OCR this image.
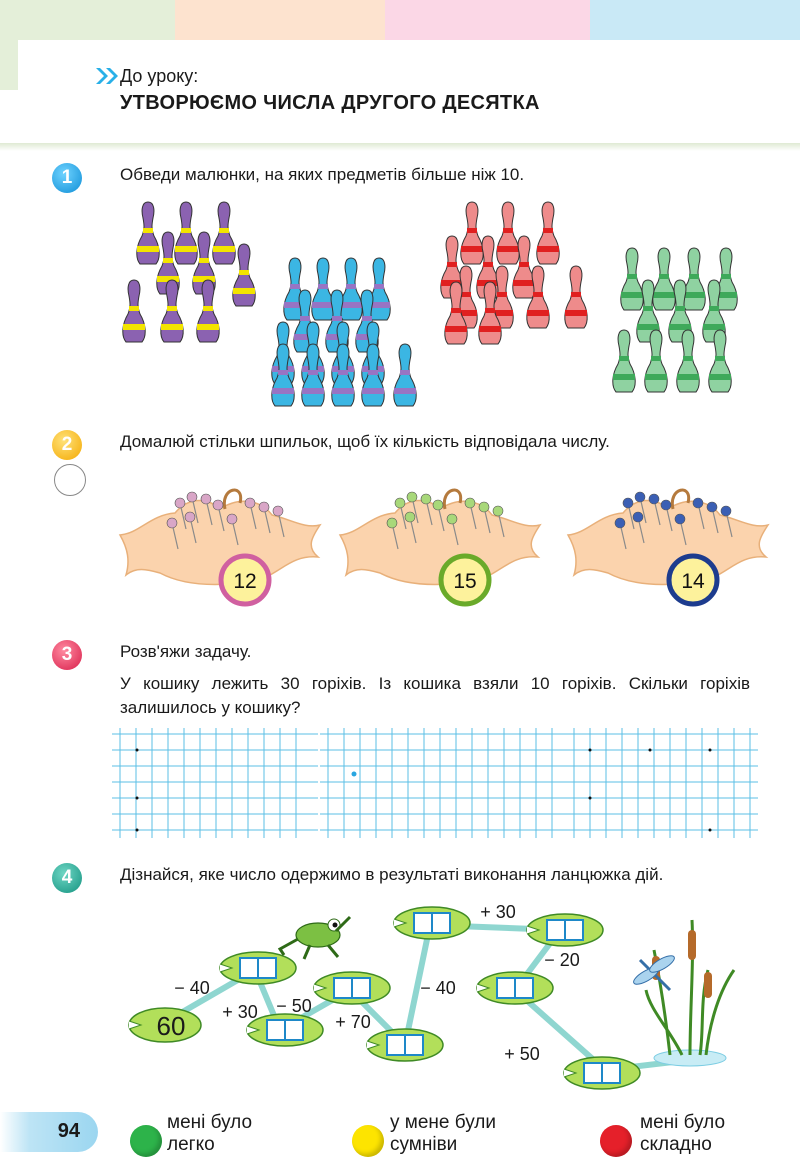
До уроку:
УТВОРЮЄМО ЧИСЛА ДРУГОГО ДЕСЯТКА
1	Обведи малюнки, на яких предметів більше ніж 10.
2	Домалюй стільки шпильок, щоб їх кількість відповідала числу.
12	15	14
3	Розв'яжи задачу.
У кошику лежить 30 горіхів. Із кошика взяли 10 горіхів. Скільки горіхів залишилось у кошику?
4	Дізнайся, яке число одержимо в результаті виконання ланцюжка дій.
60
− 40
+ 30 − 50
+ 70
− 40
+ 30
− 20
+ 50
94	мені було
легко
у мене були
сумніви
мені було
складно
